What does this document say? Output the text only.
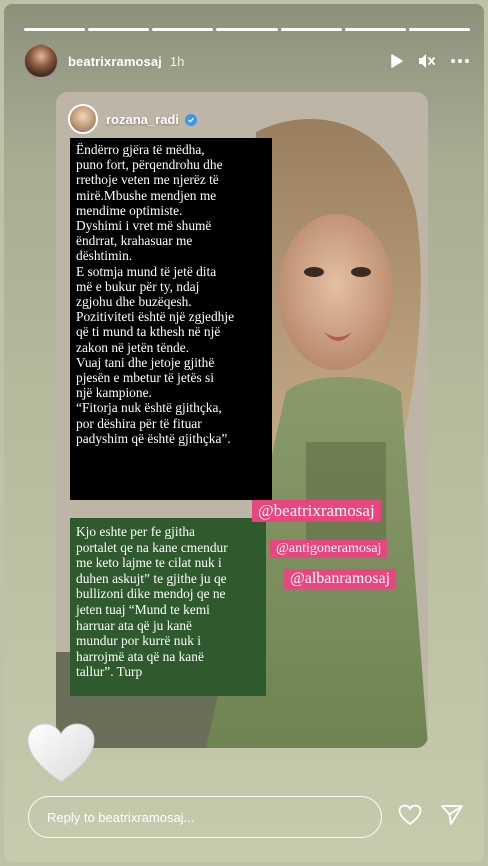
beatrixramosaj 1h
rozana_radi
Ëndërro gjëra të mëdha,
puno fort, përqendrohu dhe
rrethoje veten me njerëz të
mirë.Mbushe mendjen me
mendime optimiste.
Dyshimi i vret më shumë
ëndrrat, krahasuar me
dështimin.
E sotmja mund të jetë dita
më e bukur për ty, ndaj
zgjohu dhe buzëqesh.
Pozitiviteti është një zgjedhje
që ti mund ta kthesh në një
zakon në jetën tënde.
Vuaj tani dhe jetoje gjithë
pjesën e mbetur të jetës si
një kampione.
“Fitorja nuk është gjithçka,
por dëshira për të fituar
padyshim që është gjithçka”.
Kjo eshte per fe gjitha
portalet qe na kane cmendur
me keto lajme te cilat nuk i
duhen askujt” te gjithe ju qe
bullizoni dike mendoj qe ne
jeten tuaj “Mund te kemi
harruar ata që ju kanë
mundur por kurrë nuk i
harrojmë ata që na kanë
tallur”. Turp
@beatrixramosaj
@antigoneramosaj
@albanramosaj
Reply to beatrixramosaj...
